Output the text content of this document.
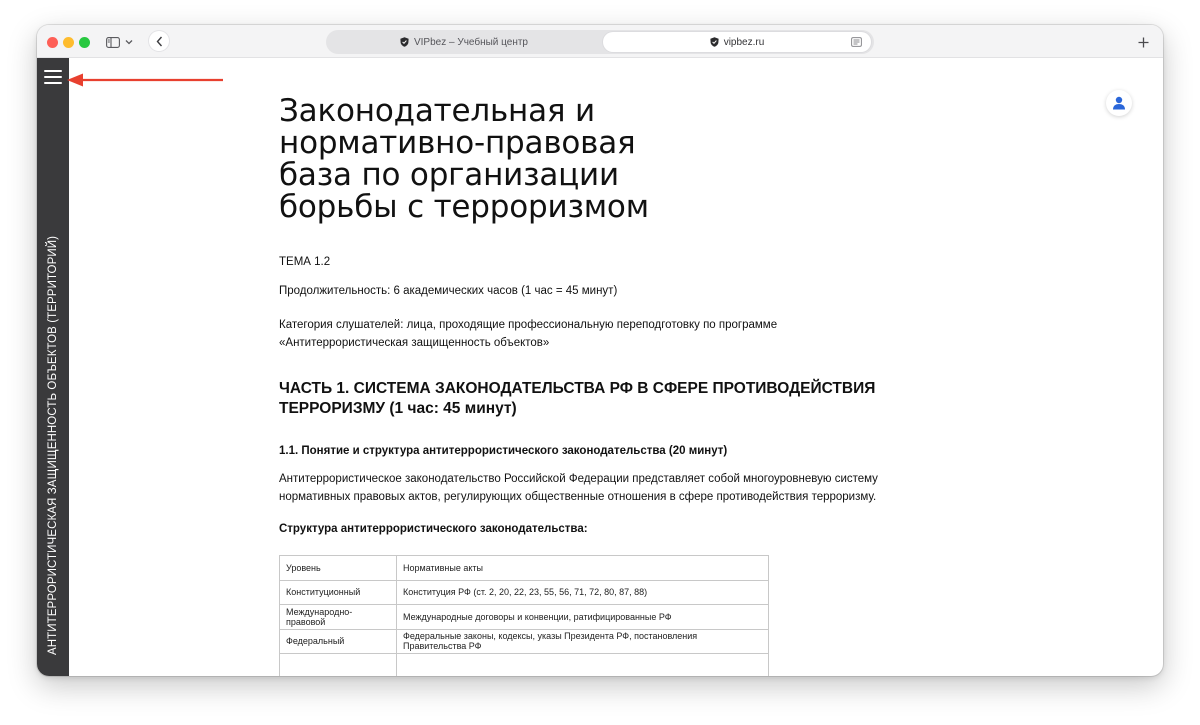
VIPbez – Учебный центр	vipbez.ru
АНТИТЕРРОРИСТИЧЕСКАЯ ЗАЩИЩЕННОСТЬ ОБЪЕКТОВ (ТЕРРИТОРИЙ)
Законодательная и нормативно-правовая база по организации борьбы с терроризмом

ТЕМА 1.2

Продолжительность: 6 академических часов (1 час = 45 минут)

Категория слушателей: лица, проходящие профессиональную переподготовку по программе «Антитеррористическая защищенность объектов»

ЧАСТЬ 1. СИСТЕМА ЗАКОНОДАТЕЛЬСТВА РФ В СФЕРЕ ПРОТИВОДЕЙСТВИЯ ТЕРРОРИЗМУ (1 час: 45 минут)
1.1. Понятие и структура антитеррористического законодательства (20 минут)

Антитеррористическое законодательство Российской Федерации представляет собой многоуровневую систему нормативных правовых актов, регулирующих общественные отношения в сфере противодействия терроризму.

Структура антитеррористического законодательства:
Уровень	Нормативные акты
Конституционный	Конституция РФ (ст. 2, 20, 22, 23, 55, 56, 71, 72, 80, 87, 88)
Международно-правовой	Международные договоры и конвенции, ратифицированные РФ
Федеральный	Федеральные законы, кодексы, указы Президента РФ, постановления Правительства РФ
